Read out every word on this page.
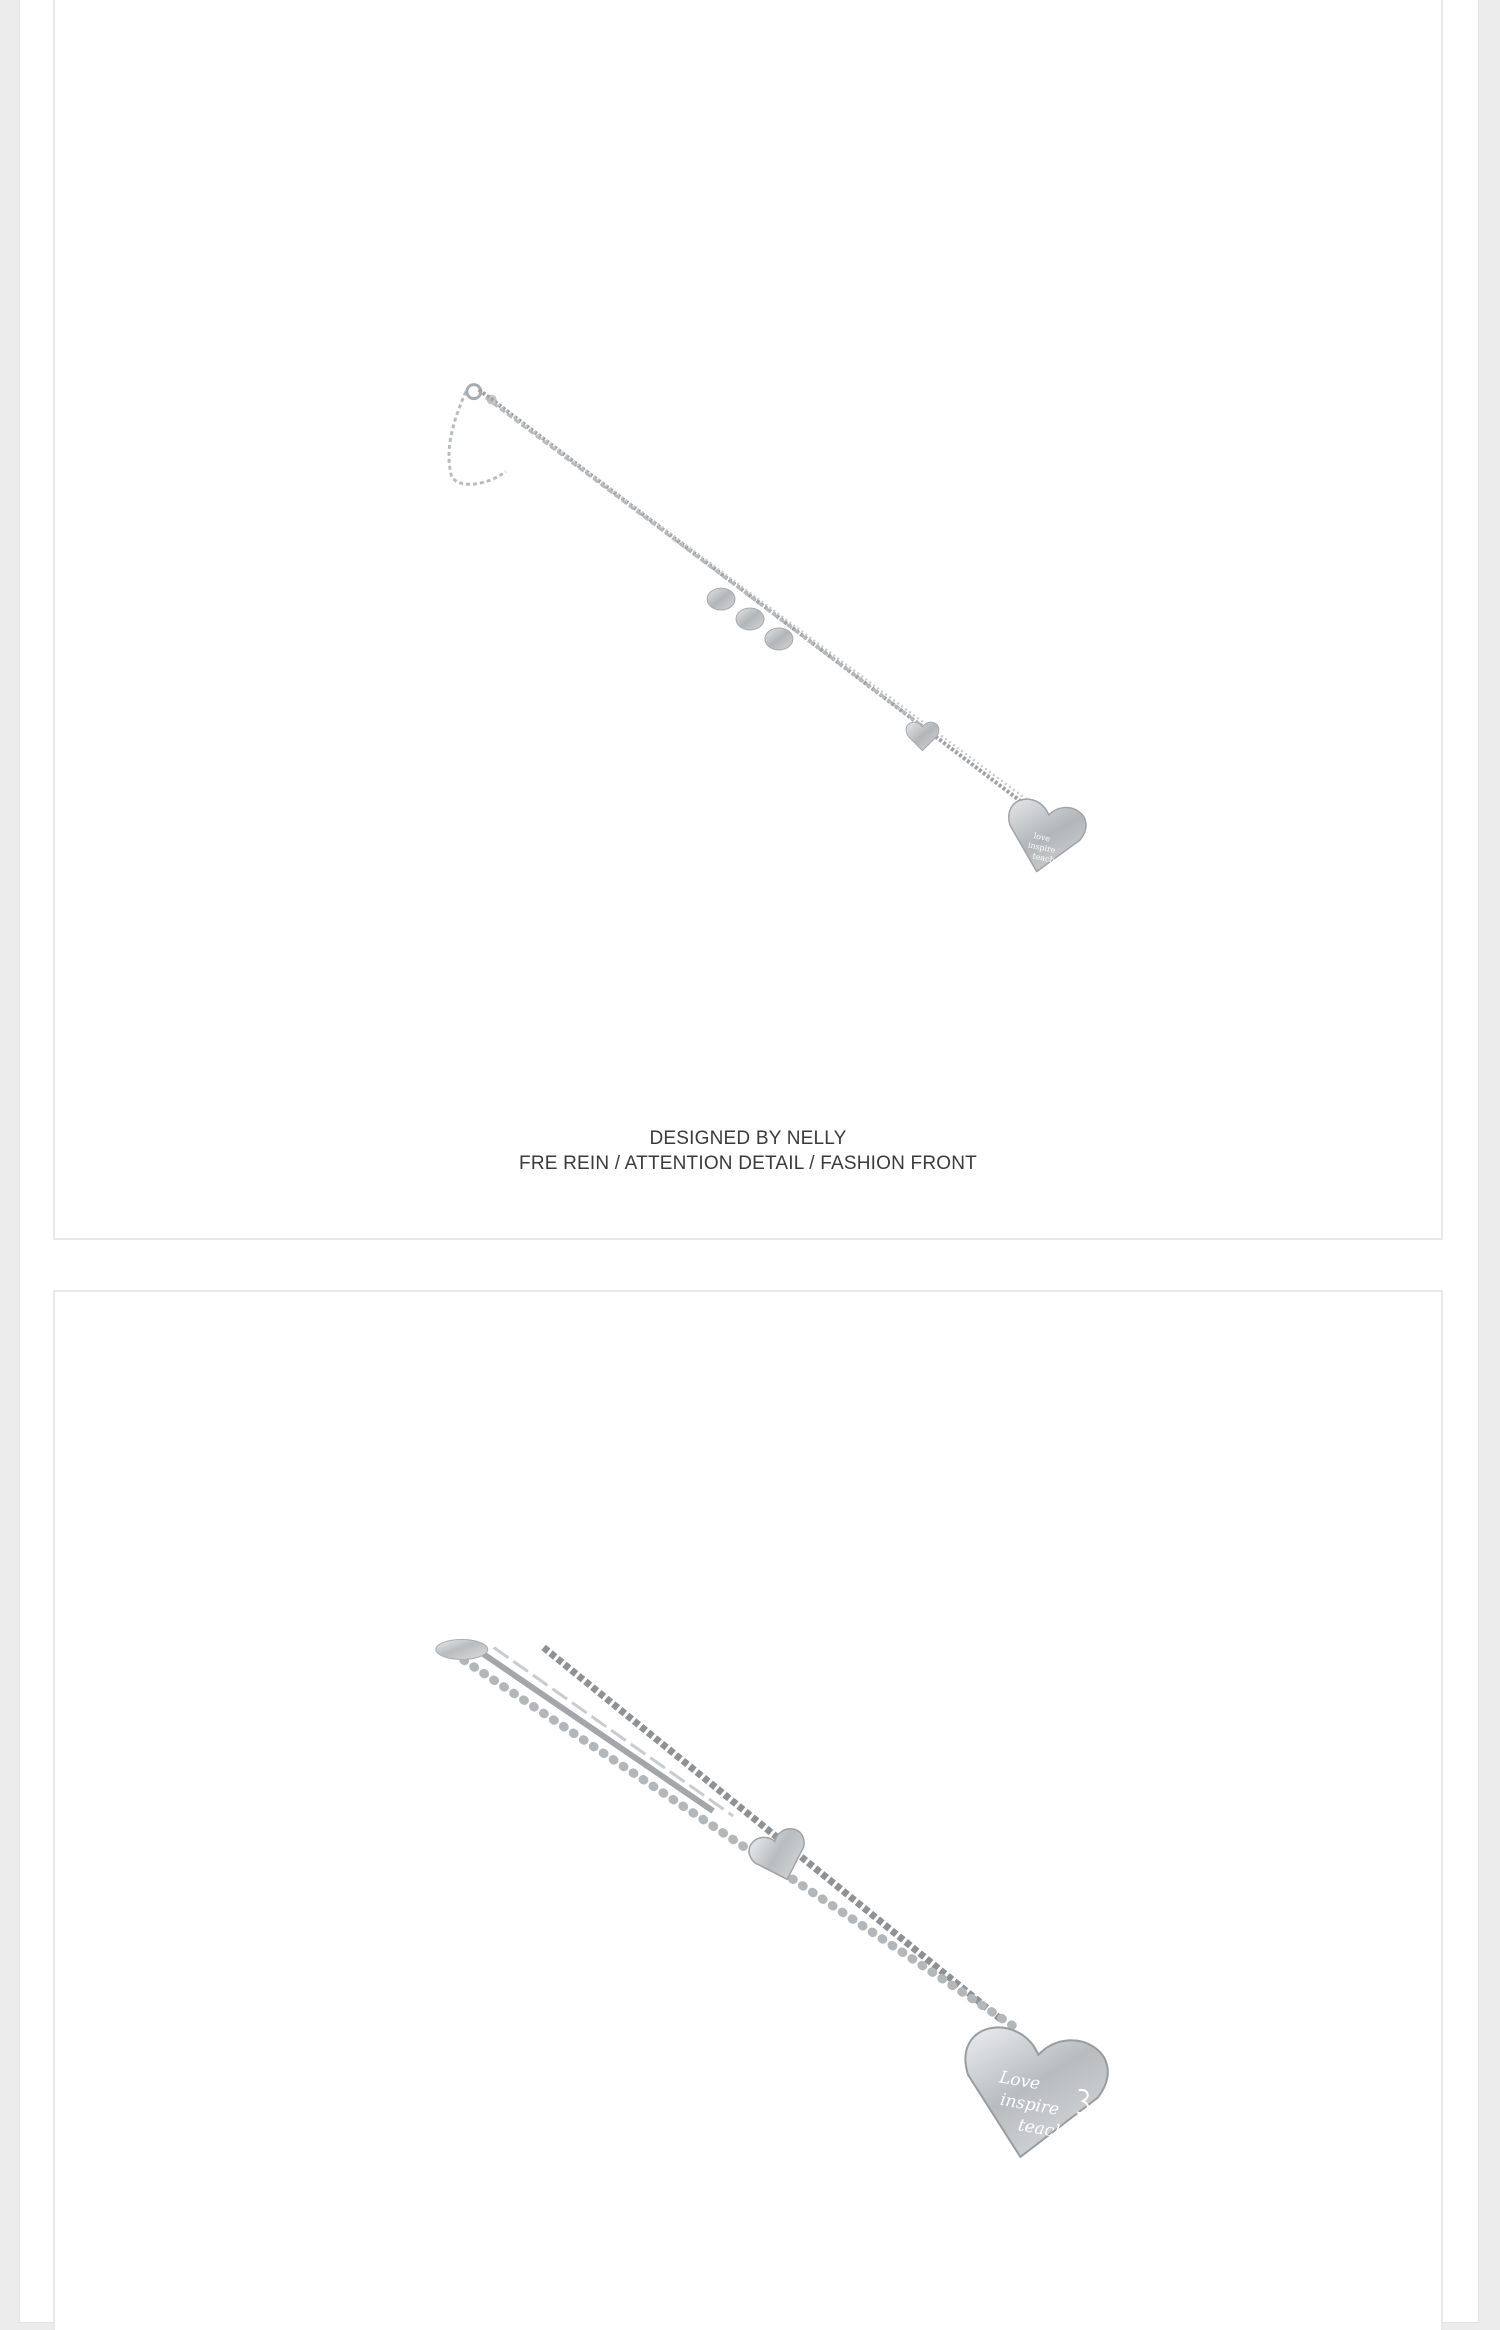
love
inspire
teach
DESIGNED BY NELLY
FRE REIN / ATTENTION DETAIL / FASHION FRONT
Love
inspire
teach
